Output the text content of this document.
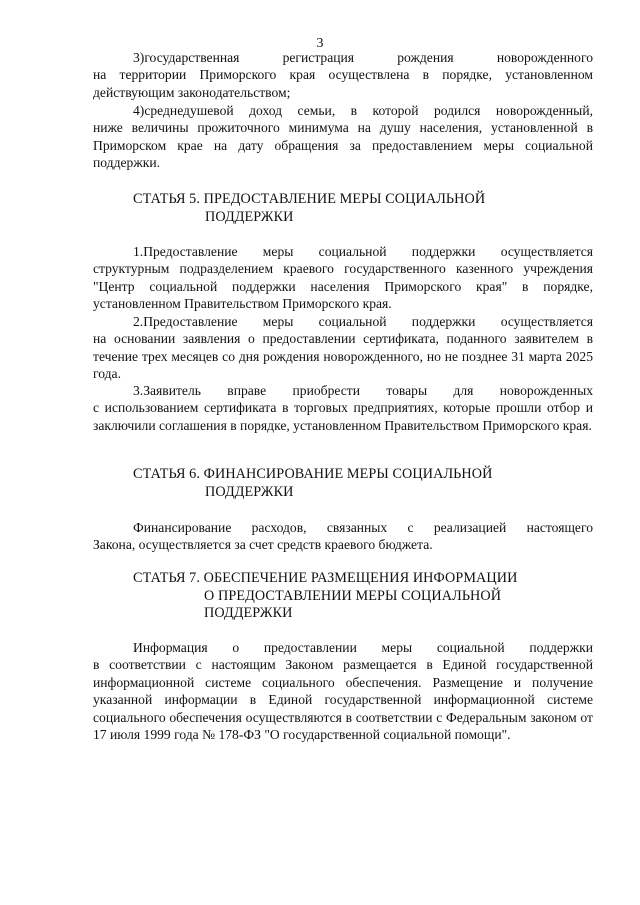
3

3)государственная регистрация рождения новорожденного

на территории Приморского края осуществлена в порядке, установленном действующим законодательством;

4)среднедушевой доход семьи, в которой родился новорожденный,

ниже величины прожиточного минимума на душу населения, установленной в Приморском крае на дату обращения за предоставлением меры социальной поддержки.

СТАТЬЯ 5. ПРЕДОСТАВЛЕНИЕ МЕРЫ СОЦИАЛЬНОЙ
ПОДДЕРЖКИ

1.Предоставление меры социальной поддержки осуществляется

структурным подразделением краевого государственного казенного учреждения "Центр социальной поддержки населения Приморского края" в порядке, установленном Правительством Приморского края.

2.Предоставление меры социальной поддержки осуществляется

на основании заявления о предоставлении сертификата, поданного заявителем в течение трех месяцев со дня рождения новорожденного, но не позднее 31 марта 2025 года.

3.Заявитель вправе приобрести товары для новорожденных

с использованием сертификата в торговых предприятиях, которые прошли отбор и заключили соглашения в порядке, установленном Правительством Приморского края.

СТАТЬЯ 6. ФИНАНСИРОВАНИЕ МЕРЫ СОЦИАЛЬНОЙ
ПОДДЕРЖКИ

Финансирование расходов, связанных с реализацией настоящего

Закона, осуществляется за счет средств краевого бюджета.

СТАТЬЯ 7. ОБЕСПЕЧЕНИЕ РАЗМЕЩЕНИЯ ИНФОРМАЦИИ
О ПРЕДОСТАВЛЕНИИ МЕРЫ СОЦИАЛЬНОЙ
ПОДДЕРЖКИ

Информация о предоставлении меры социальной поддержки

в соответствии с настоящим Законом размещается в Единой государственной информационной системе социального обеспечения. Размещение и получение указанной информации в Единой государственной информационной системе социального обеспечения осуществляются в соответствии с Федеральным законом от 17 июля 1999 года № 178-ФЗ "О государственной социальной помощи".
